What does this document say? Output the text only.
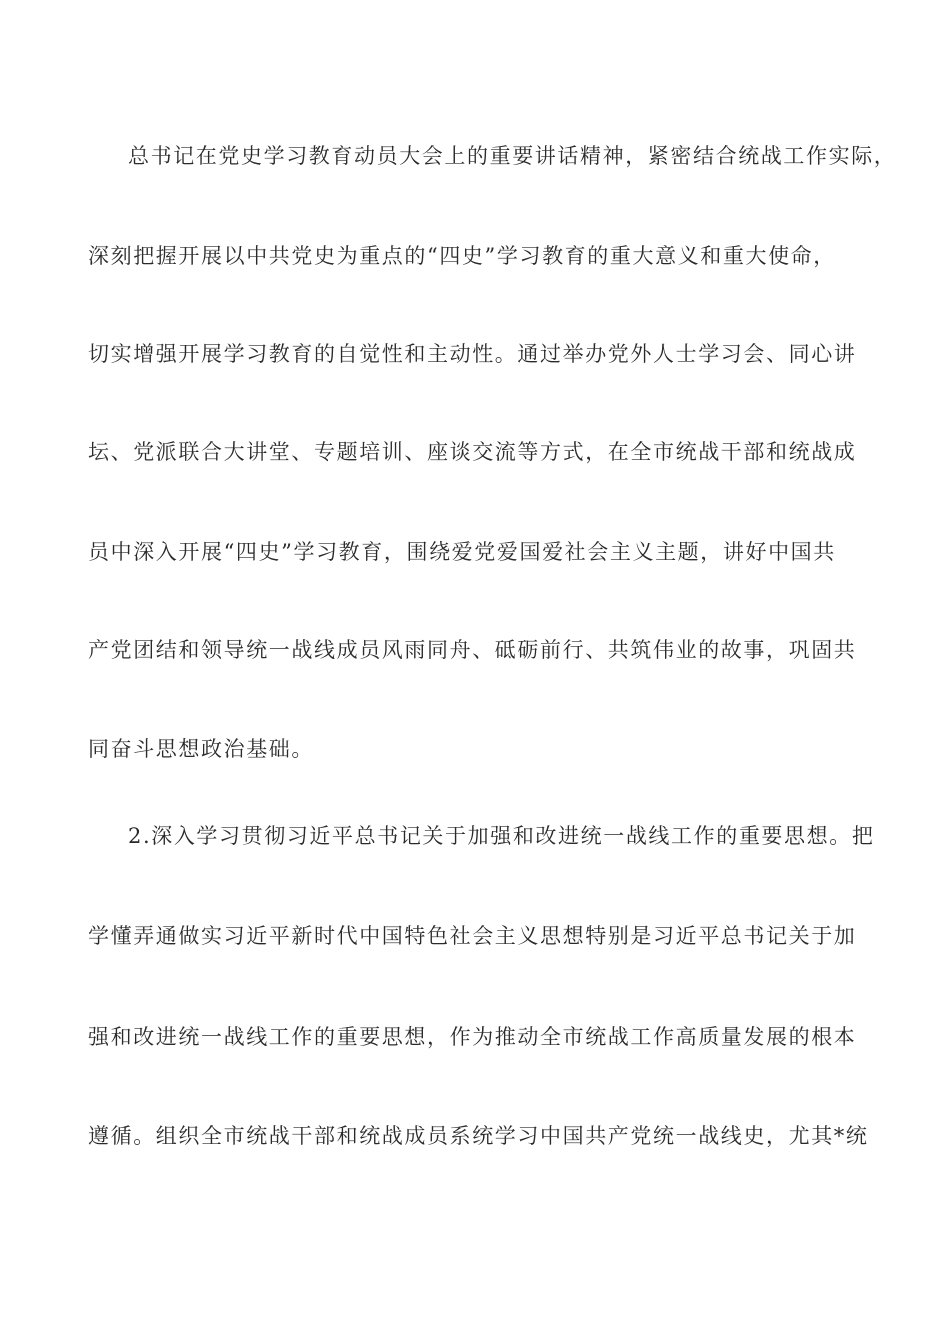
总书记在党史学习教育动员大会上的重要讲话精神，紧密结合统战工作实际，
深刻把握开展以中共党史为重点的“四史”学习教育的重大意义和重大使命，
切实增强开展学习教育的自觉性和主动性。通过举办党外人士学习会、同心讲
坛、党派联合大讲堂、专题培训、座谈交流等方式，在全市统战干部和统战成
员中深入开展“四史”学习教育，围绕爱党爱国爱社会主义主题，讲好中国共
产党团结和领导统一战线成员风雨同舟、砥砺前行、共筑伟业的故事，巩固共
同奋斗思想政治基础。
2.深入学习贯彻习近平总书记关于加强和改进统一战线工作的重要思想。把
学懂弄通做实习近平新时代中国特色社会主义思想特别是习近平总书记关于加
强和改进统一战线工作的重要思想，作为推动全市统战工作高质量发展的根本
遵循。组织全市统战干部和统战成员系统学习中国共产党统一战线史，尤其*统
